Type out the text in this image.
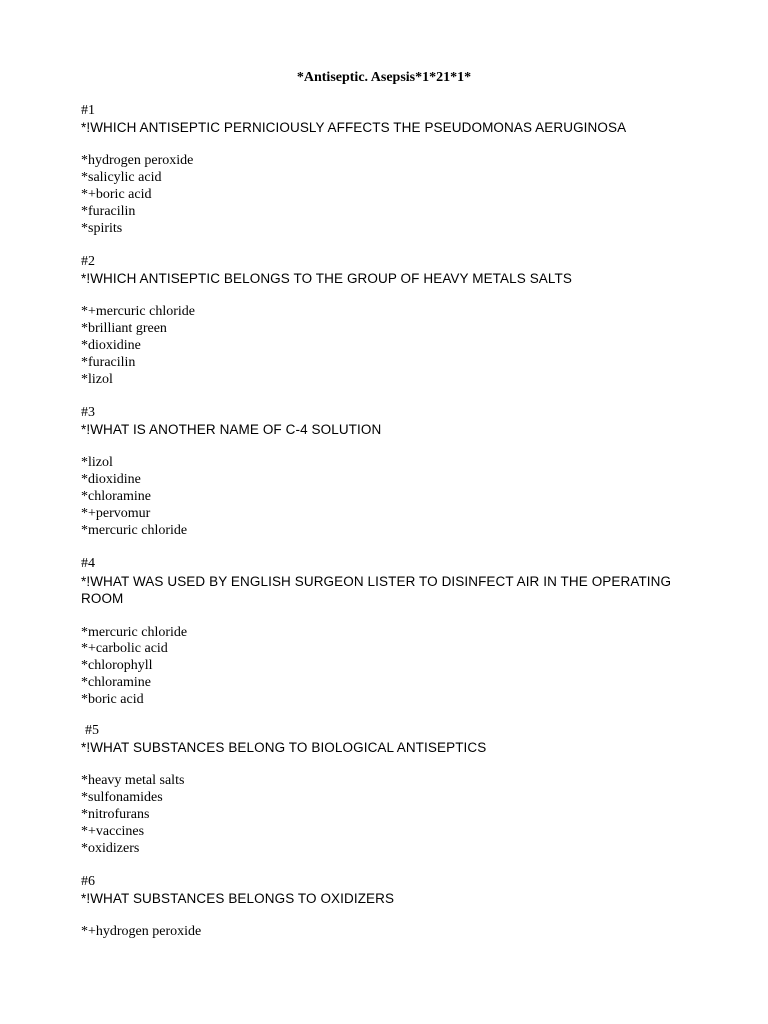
*Antiseptic. Asepsis*1*21*1*
#1
*!WHICH ANTISEPTIC PERNICIOUSLY AFFECTS THE PSEUDOMONAS AERUGINOSA
*hydrogen peroxide
*salicylic acid
*+boric acid
*furacilin
*spirits
#2
*!WHICH ANTISEPTIC BELONGS TO THE GROUP OF HEAVY METALS SALTS
*+mercuric chloride
*brilliant green
*dioxidine
*furacilin
*lizol
#3
*!WHAT IS ANOTHER NAME OF C-4 SOLUTION
*lizol
*dioxidine
*chloramine
*+pervomur
*mercuric chloride
#4
*!WHAT WAS USED BY ENGLISH SURGEON LISTER TO DISINFECT AIR IN THE OPERATING ROOM
*mercuric chloride
*+carbolic acid
*chlorophyll
*chloramine
*boric acid
#5
*!WHAT SUBSTANCES BELONG TO BIOLOGICAL ANTISEPTICS
*heavy metal salts
*sulfonamides
*nitrofurans
*+vaccines
*oxidizers
#6
*!WHAT SUBSTANCES BELONGS TO OXIDIZERS
*+hydrogen peroxide
